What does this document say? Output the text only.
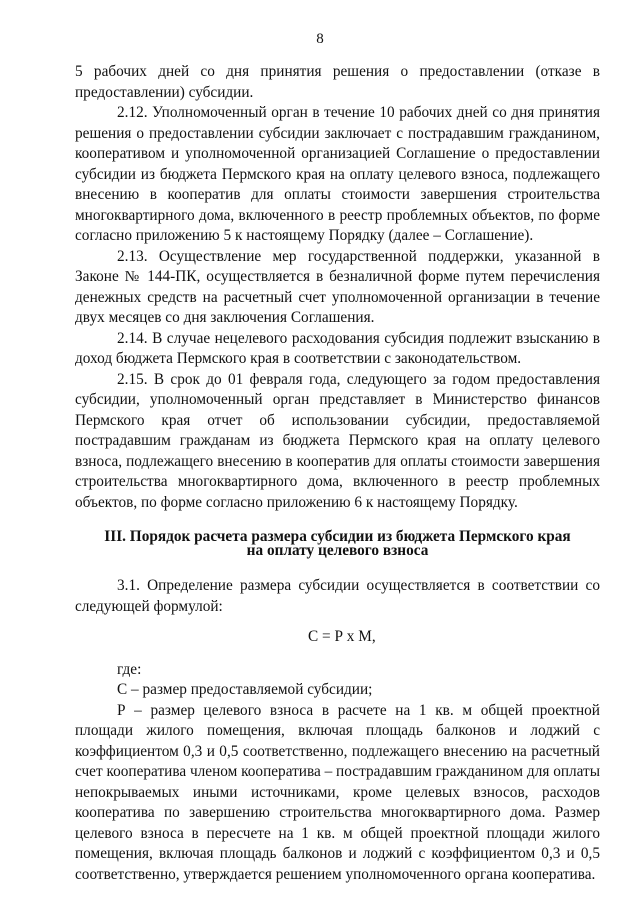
8

5 рабочих дней со дня принятия решения о предоставлении (отказе в предоставлении) субсидии.

2.12. Уполномоченный орган в течение 10 рабочих дней со дня принятия решения о предоставлении субсидии заключает с пострадавшим гражданином, кооперативом и уполномоченной организацией Соглашение о предоставлении субсидии из бюджета Пермского края на оплату целевого взноса, подлежащего внесению в кооператив для оплаты стоимости завершения строительства многоквартирного дома, включенного в реестр проблемных объектов, по форме согласно приложению 5 к настоящему Порядку (далее – Соглашение).

2.13. Осуществление мер государственной поддержки, указанной в Законе № 144-ПК, осуществляется в безналичной форме путем перечисления денежных средств на расчетный счет уполномоченной организации в течение двух месяцев со дня заключения Соглашения.

2.14. В случае нецелевого расходования субсидия подлежит взысканию в доход бюджета Пермского края в соответствии с законодательством.

2.15. В срок до 01 февраля года, следующего за годом предоставления субсидии, уполномоченный орган представляет в Министерство финансов Пермского края отчет об использовании субсидии, предоставляемой пострадавшим гражданам из бюджета Пермского края на оплату целевого взноса, подлежащего внесению в кооператив для оплаты стоимости завершения строительства многоквартирного дома, включенного в реестр проблемных объектов, по форме согласно приложению 6 к настоящему Порядку.

III. Порядок расчета размера субсидии из бюджета Пермского края
на оплату целевого взноса

3.1. Определение размера субсидии осуществляется в соответствии со следующей формулой:

С = Р х М,

где:

С – размер предоставляемой субсидии;

Р – размер целевого взноса в расчете на 1 кв. м общей проектной площади жилого помещения, включая площадь балконов и лоджий с коэффициентом 0,3 и 0,5 соответственно, подлежащего внесению на расчетный счет кооператива членом кооператива – пострадавшим гражданином для оплаты непокрываемых иными источниками, кроме целевых взносов, расходов кооператива по завершению строительства многоквартирного дома. Размер целевого взноса в пересчете на 1 кв. м общей проектной площади жилого помещения, включая площадь балконов и лоджий с коэффициентом 0,3 и 0,5 соответственно, утверждается решением уполномоченного органа кооператива.
